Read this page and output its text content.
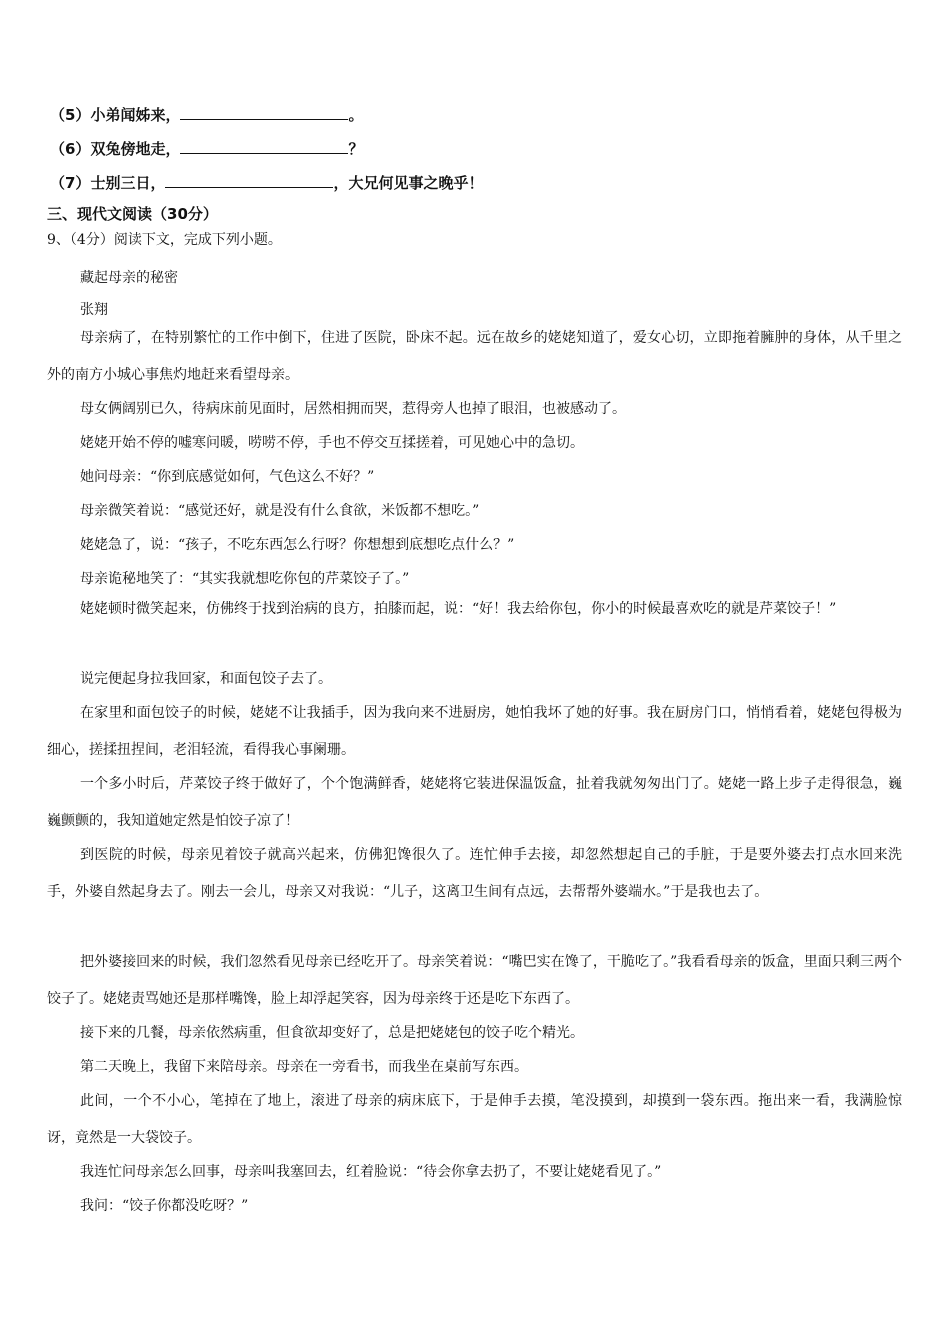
（5）小弟闻姊来，	。
（6）双兔傍地走，	？
（7）士别三日，	，大兄何见事之晚乎！
三、现代文阅读（30分）
9、（4分）阅读下文，完成下列小题。
藏起母亲的秘密
张翔

母亲病了，在特别繁忙的工作中倒下，住进了医院，卧床不起。远在故乡的姥姥知道了，爱女心切，立即拖着臃肿的身体，从千里之外的南方小城心事焦灼地赶来看望母亲。

母女俩阔别已久，待病床前见面时，居然相拥而哭，惹得旁人也掉了眼泪，也被感动了。

姥姥开始不停的嘘寒问暖，唠唠不停，手也不停交互揉搓着，可见她心中的急切。

她问母亲：“你到底感觉如何，气色这么不好？”

母亲微笑着说：“感觉还好，就是没有什么食欲，米饭都不想吃。”

姥姥急了，说：“孩子，不吃东西怎么行呀？你想想到底想吃点什么？”

母亲诡秘地笑了：“其实我就想吃你包的芹菜饺子了。”

姥姥顿时微笑起来，仿佛终于找到治病的良方，拍膝而起，说：“好！我去给你包，你小的时候最喜欢吃的就是芹菜饺子！”

说完便起身拉我回家，和面包饺子去了。

在家里和面包饺子的时候，姥姥不让我插手，因为我向来不进厨房，她怕我坏了她的好事。我在厨房门口，悄悄看着，姥姥包得极为细心，搓揉扭捏间，老泪轻流，看得我心事阑珊。

一个多小时后，芹菜饺子终于做好了，个个饱满鲜香，姥姥将它装进保温饭盒，扯着我就匆匆出门了。姥姥一路上步子走得很急，巍巍颤颤的，我知道她定然是怕饺子凉了！

到医院的时候，母亲见着饺子就高兴起来，仿佛犯馋很久了。连忙伸手去接，却忽然想起自己的手脏，于是要外婆去打点水回来洗手，外婆自然起身去了。刚去一会儿，母亲又对我说：“儿子，这离卫生间有点远，去帮帮外婆端水。”于是我也去了。

把外婆接回来的时候，我们忽然看见母亲已经吃开了。母亲笑着说：“嘴巴实在馋了，干脆吃了。”我看看母亲的饭盒，里面只剩三两个饺子了。姥姥责骂她还是那样嘴馋，脸上却浮起笑容，因为母亲终于还是吃下东西了。

接下来的几餐，母亲依然病重，但食欲却变好了，总是把姥姥包的饺子吃个精光。

第二天晚上，我留下来陪母亲。母亲在一旁看书，而我坐在桌前写东西。

此间，一个不小心，笔掉在了地上，滚进了母亲的病床底下，于是伸手去摸，笔没摸到，却摸到一袋东西。拖出来一看，我满脸惊讶，竟然是一大袋饺子。

我连忙问母亲怎么回事，母亲叫我塞回去，红着脸说：“待会你拿去扔了，不要让姥姥看见了。”

我问：“饺子你都没吃呀？”
